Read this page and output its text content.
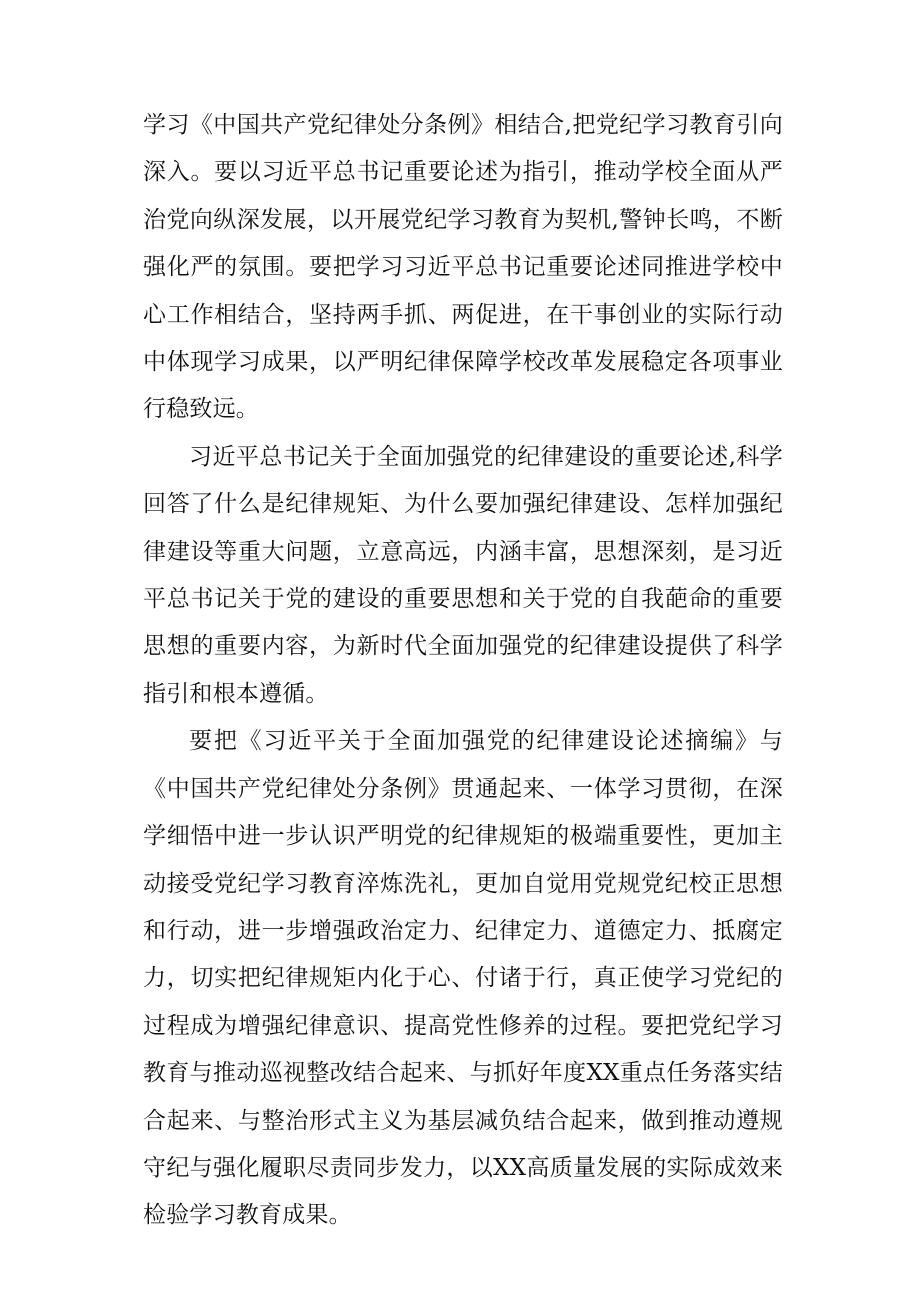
学习《中国共产党纪律处分条例》相结合,把党纪学习教育引向深入。要以习近平总书记重要论述为指引，推动学校全面从严治党向纵深发展，以开展党纪学习教育为契机,警钟长鸣，不断强化严的氛围。要把学习习近平总书记重要论述同推进学校中心工作相结合，坚持两手抓、两促进，在干事创业的实际行动中体现学习成果，以严明纪律保障学校改革发展稳定各项事业行稳致远。

习近平总书记关于全面加强党的纪律建设的重要论述,科学回答了什么是纪律规矩、为什么要加强纪律建设、怎样加强纪律建设等重大问题，立意高远，内涵丰富，思想深刻，是习近平总书记关于党的建设的重要思想和关于党的自我葩命的重要思想的重要内容，为新时代全面加强党的纪律建设提供了科学指引和根本遵循。

要把《习近平关于全面加强党的纪律建设论述摘编》与《中国共产党纪律处分条例》贯通起来、一体学习贯彻，在深学细悟中进一步认识严明党的纪律规矩的极端重要性，更加主动接受党纪学习教育淬炼洗礼，更加自觉用党规党纪校正思想和行动，进一步增强政治定力、纪律定力、道德定力、抵腐定力，切实把纪律规矩内化于心、付诸于行，真正使学习党纪的过程成为增强纪律意识、提高党性修养的过程。要把党纪学习教育与推动巡视整改结合起来、与抓好年度XX重点任务落实结合起来、与整治形式主义为基层减负结合起来，做到推动遵规守纪与强化履职尽责同步发力，以XX高质量发展的实际成效来检验学习教育成果。
